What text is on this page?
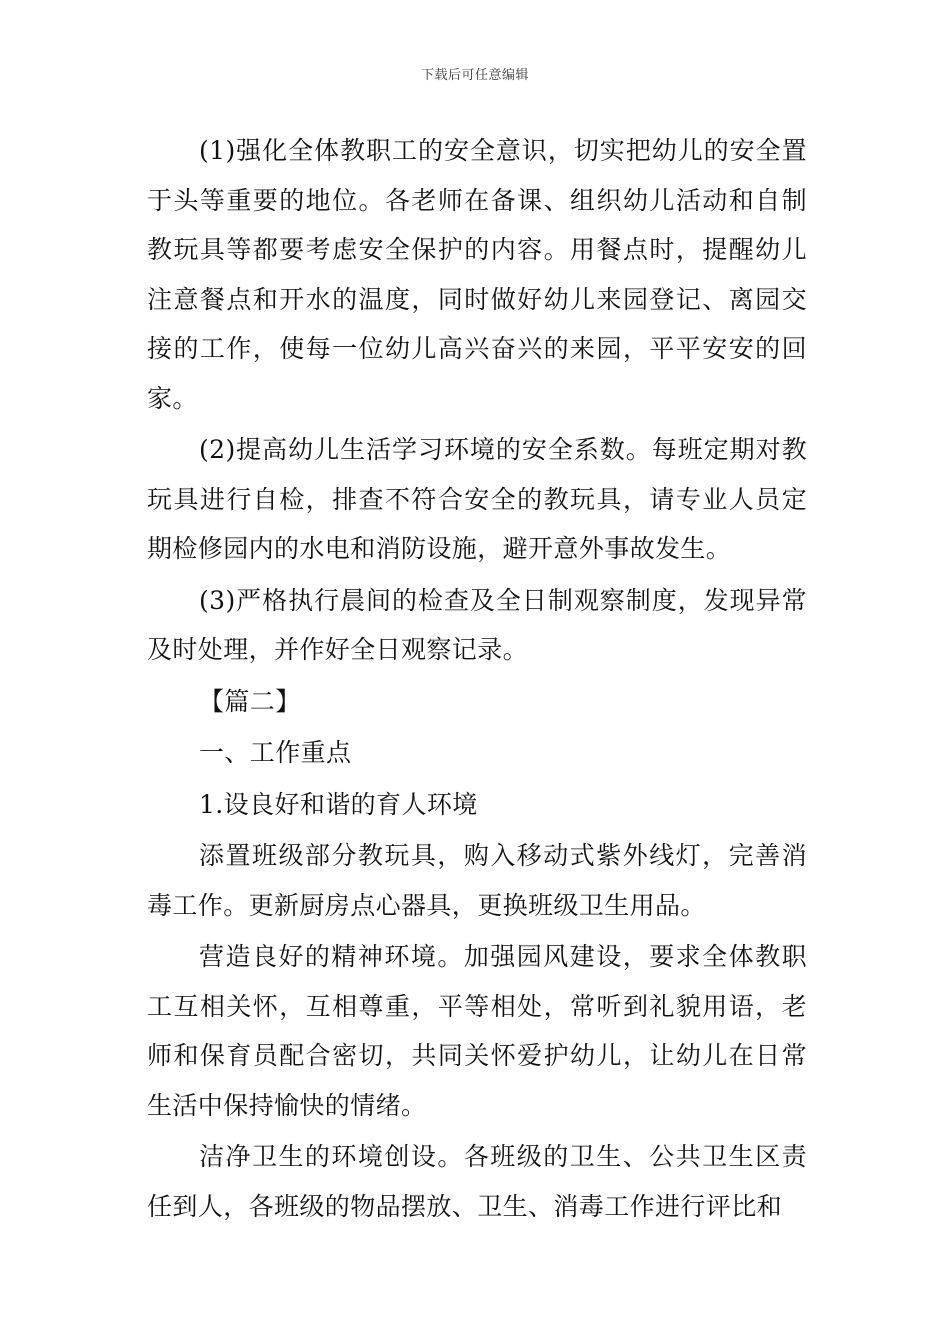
下载后可任意编辑

(1)强化全体教职工的安全意识，切实把幼儿的安全置于头等重要的地位。各老师在备课、组织幼儿活动和自制教玩具等都要考虑安全保护的内容。用餐点时，提醒幼儿注意餐点和开水的温度，同时做好幼儿来园登记、离园交接的工作，使每一位幼儿高兴奋兴的来园，平平安安的回家。

(2)提高幼儿生活学习环境的安全系数。每班定期对教玩具进行自检，排查不符合安全的教玩具，请专业人员定期检修园内的水电和消防设施，避开意外事故发生。

(3)严格执行晨间的检查及全日制观察制度，发现异常及时处理，并作好全日观察记录。

【篇二】

一、工作重点

1.设良好和谐的育人环境

添置班级部分教玩具，购入移动式紫外线灯，完善消毒工作。更新厨房点心器具，更换班级卫生用品。

营造良好的精神环境。加强园风建设，要求全体教职工互相关怀，互相尊重，平等相处，常听到礼貌用语，老师和保育员配合密切，共同关怀爱护幼儿，让幼儿在日常生活中保持愉快的情绪。

洁净卫生的环境创设。各班级的卫生、公共卫生区责任到人，各班级的物品摆放、卫生、消毒工作进行评比和
